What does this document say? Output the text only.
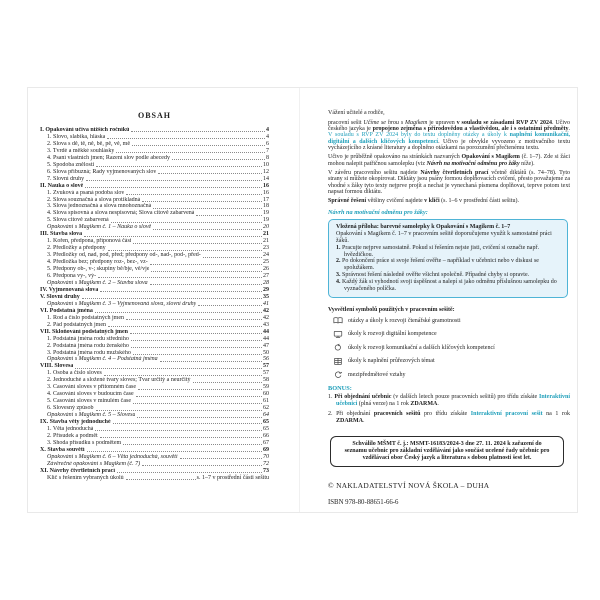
OBSAH
I. Opakování učiva nižších ročníků	4
1. Slovo, slabika, hláska	4
2. Slova s dě, tě, ně, bě, pě, vě, mě	6
3. Tvrdé a měkké souhlásky	7
4. Psaní vlastních jmen; Řazení slov podle abecedy	8
5. Spodoba znělosti	10
6. Slova příbuzná; Řady vyjmenovaných slov	12
7. Slovní druhy	14
II. Nauka o slově	16
1. Zvuková a psaná podoba slov	16
2. Slova souznačná a slova protikladná	17
3. Slova jednoznačná a slova mnohoznačná	18
4. Slova spisovná a slova nespisovná; Slova citově zabarvená	19
5. Slova citově zabarvená	19
Opakování s Magikem č. 1 – Nauka o slově	20
III. Stavba slova	21
1. Kořen, předpona, příponová část	21
2. Předložky a předpony	23
3. Předložky od, nad, pod, před; předpony od-, nad-, pod-, před-	24
4. Předložka bez; předpony roz-, bez-, vz-	25
5. Předpony ob-, v-; skupiny bě/bje, vě/vje	26
6. Předpona vy-, vý-	27
Opakování s Magikem č. 2 – Stavba slova	28
IV. Vyjmenovaná slova	29
V. Slovní druhy	35
Opakování s Magikem č. 3 – Vyjmenovaná slova, slovní druhy	41
VI. Podstatná jména	42
1. Rod a číslo podstatných jmen	42
2. Pád podstatných jmen	43
VII. Skloňování podstatných jmen	44
1. Podstatná jména rodu středního	44
2. Podstatná jména rodu ženského	47
3. Podstatná jména rodu mužského	50
Opakování s Magikem č. 4 – Podstatná jména	56
VIII. Slovesa	57
1. Osoba a číslo sloves	57
2. Jednoduché a složené tvary sloves; Tvar určitý a neurčitý	58
3. Časování sloves v přítomném čase	59
4. Časování sloves v budoucím čase	60
5. Časování sloves v minulém čase	61
6. Slovesný způsob	62
Opakování s Magikem č. 5 – Slovesa	64
IX. Stavba věty jednoduché	65
1. Věta jednoduchá	65
2. Přísudek a podmět	66
3. Shoda přísudku s podmětem	67
X. Stavba souvětí	69
Opakování s Magikem č. 6 – Věta jednoduchá, souvětí	70
Závěrečné opakování s Magikem (č. 7)	72
XI. Návrhy čtvrtletních prací	73
Klíč s řešením vybraných úkolů	s. 1–7 v prostřední části sešitu
Vážení učitelé a rodiče,
pracovní sešit Učíme se hrou s Magikem je upraven v souladu se zásadami RVP ZV 2024. Učivo českého jazyka je propojeno zejména s přírodovědou a vlastivědou, ale i s ostatními předměty. V souladu s RVP ZV 2024 byly do textu doplněny otázky a úkoly k naplnění komunikační, digitální a dalších klíčových kompetencí. Učivo je obvykle vyvozeno z motivačního textu vycházejícího z krásné literatury a doplněno otázkami na porozumění přečtenému textu.
Učivo je průběžně opakováno na stránkách nazvaných Opakování s Magikem (č. 1–7). Zde si žáci mohou nalepit patřičnou samolepku (viz Návrh na motivační odměnu pro žáky níže).
V závěru pracovního sešitu najdete Návrhy čtvrtletních prací včetně diktátů (s. 74–78). Tyto strany si můžete okopírovat. Diktáty jsou psány formou doplňovacích cvičení, přesto považujeme za vhodné s žáky tyto texty nejprve projít a nechat je vynechaná písmena doplňovat, teprve potom text napsat formou diktátu.
Správné řešení většiny cvičení najdete v klíči (s. 1–6 v prostřední části sešitu).
Návrh na motivační odměnu pro žáky:
Vložená příloha: barevné samolepky k Opakování s Magikem č. 1–7
Opakování s Magikem č. 1–7 v pracovním sešitě doporučujeme využít k samostatné práci žáků.
1. Pracujte nejprve samostatně. Pokud si řešením nejste jisti, cvičení si označte např. hvězdičkou.
2. Po dokončení práce si svoje řešení ověřte – například v učebnici nebo v diskusi se spolužákem.
3. Správnost řešení následně ověřte všichni společně. Případné chyby si opravte.
4. Každý žák si vyhodnotí svoji úspěšnost a nalepí si jako odměnu příslušnou samolepku do vyznačeného políčka.
Vysvětlení symbolů použitých v pracovním sešitě:
otázky a úkoly k rozvoji čtenářské gramotnosti
úkoly k rozvoji digitální kompetence
úkoly k rozvoji komunikační a dalších klíčových kompetencí
úkoly k naplnění průřezových témat
mezipředmětové vztahy
BONUS:
1. Při objednání učebnic (v dalších letech pouze pracovních sešitů) pro třídu získáte Interaktivní učebnici (plná verze) na 1 rok ZDARMA.
2. Při objednání pracovních sešitů pro třídu získáte Interaktivní pracovní sešit na 1 rok ZDARMA.
Schválilo MŠMT č. j.: MSMT-16183/2024-3 dne 27. 11. 2024 k zařazení do seznamu učebnic pro základní vzdělávání jako součást ucelené řady učebnic pro vzdělávací obor Český jazyk a literatura s dobou platnosti šest let.
© NAKLADATELSTVÍ NOVÁ ŠKOLA – DUHA
ISBN 978-80-88651-66-6
